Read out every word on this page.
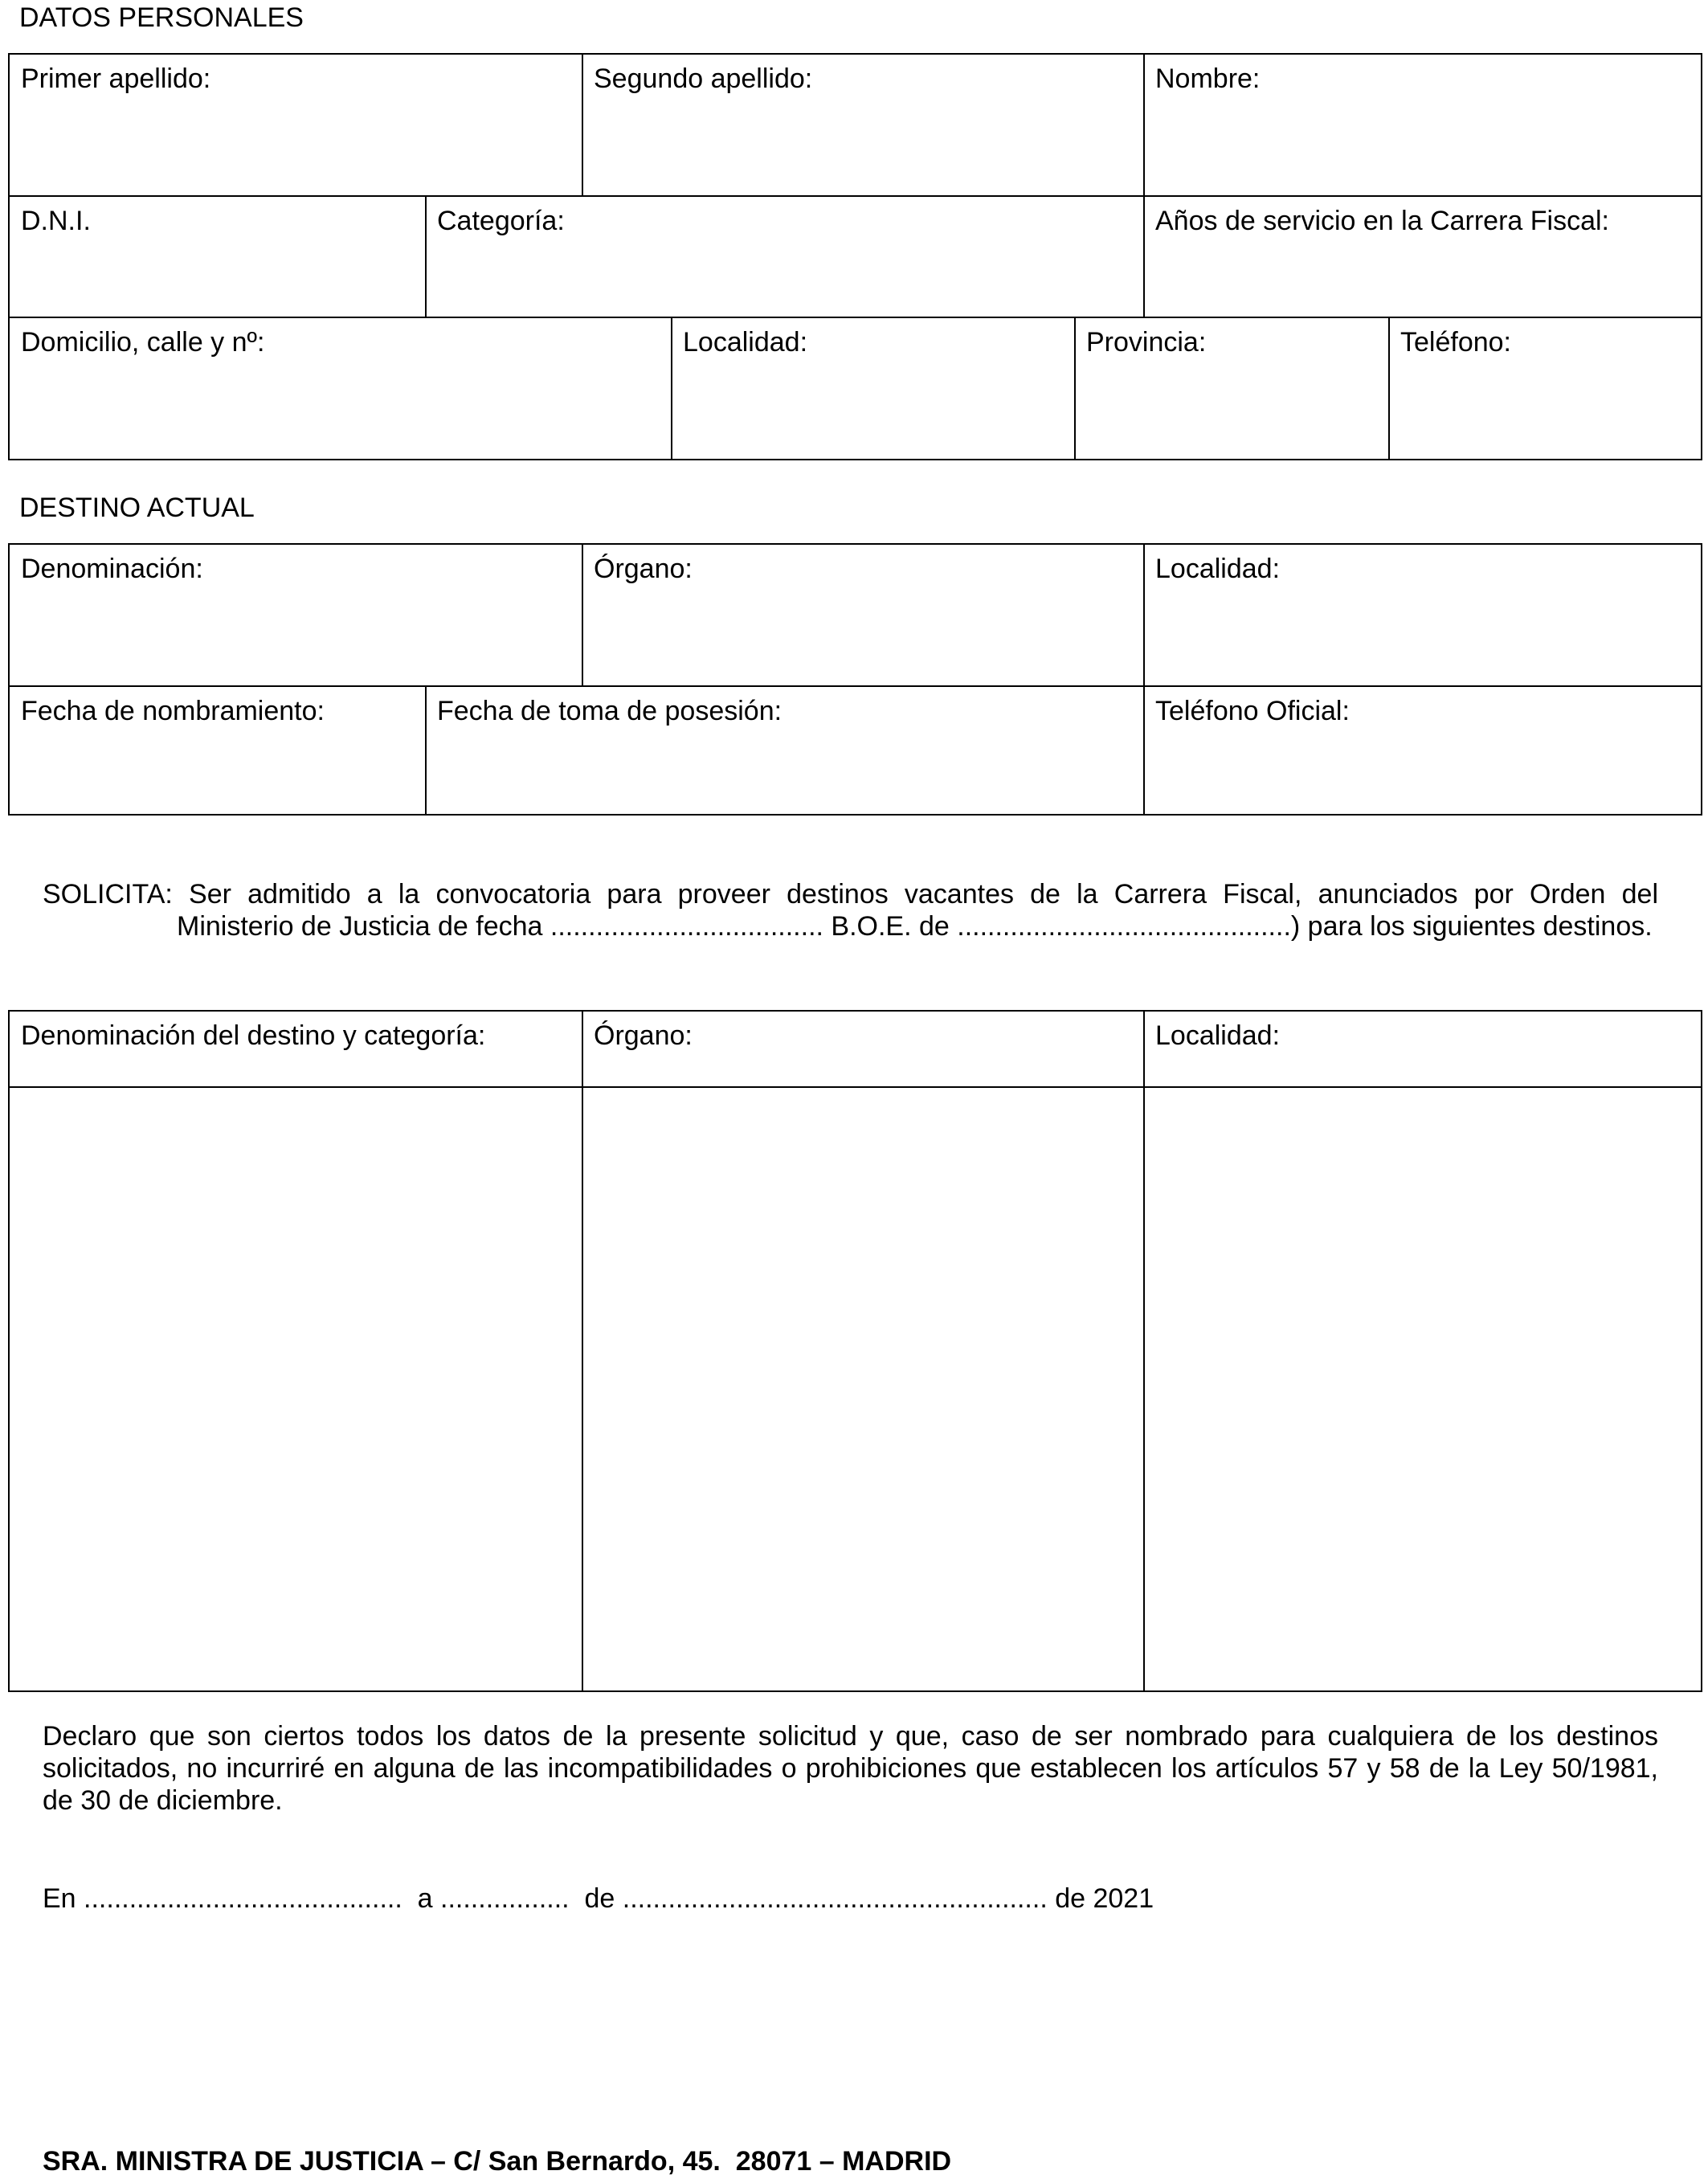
DATOS PERSONALES
Primer apellido:	Segundo apellido:	Nombre:
D.N.I.	Categoría:	Años de servicio en la Carrera Fiscal:
Domicilio, calle y nº:	Localidad:	Provincia:	Teléfono:
DESTINO ACTUAL
Denominación:	Órgano:	Localidad:
Fecha de nombramiento:	Fecha de toma de posesión:	Teléfono Oficial:
SOLICITA: Ser admitido a la convocatoria para proveer destinos vacantes de la Carrera Fiscal, anunciados por Orden del
Ministerio de Justicia de fecha .................................... B.O.E. de ............................................) para los siguientes destinos.
Denominación del destino y categoría:	Órgano:	Localidad:
Declaro que son ciertos todos los datos de la presente solicitud y que, caso de ser nombrado para cualquiera de los destinos solicitados, no incurriré en alguna de las incompatibilidades o prohibiciones que establecen los artículos 57 y 58 de la Ley 50/1981, de 30 de diciembre.
En ..........................................  a .................  de ........................................................ de 2021
SRA. MINISTRA DE JUSTICIA – C/ San Bernardo, 45.  28071 – MADRID
